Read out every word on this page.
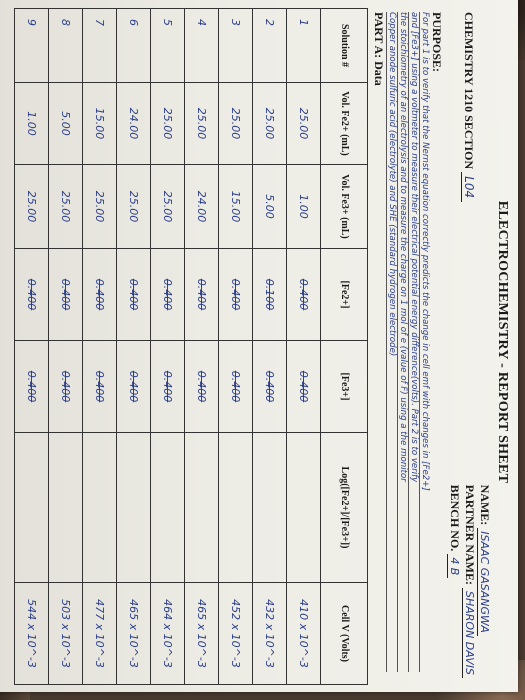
ELECTROCHEMISTRY - REPORT SHEET
CHEMISTRY 1210 SECTION L04
NAME: ISAAC GASANGWA
PARTNER NAME: SHARON DAVIS
BENCH NO. 4 B
PURPOSE:
For part 1 is to verify that the Nernst equation correctly predicts the change in cell emf with changes in [Fe2+]
and [Fe3+] using a voltmeter to measure their electrical potential energy difference(volts). Part 2 is to verify
the stoichiometry of an electrolysis and to measure the charge on 1 mol of e (value of F) using a the monitor
Copper anode sulfuric acid (electrolyte) and SHE (standard hydrogen electrode)
PART A: Data
Solution #	Vol. Fe2+ (mL)	Vol. Fe3+ (mL)	[Fe2+]	[Fe3+]	Log([Fe2+]/[Fe3+])	Cell V (Volts)
1	25.00	1.00	0.400	0.400		410 x 10^-3
2	25.00	5.00	0.100	0.400		432 x 10^-3
3	25.00	15.00	0.400	0.400		452 x 10^-3
4	25.00	24.00	0.400	0.400		465 x 10^-3
5	25.00	25.00	0.400	0.400		464 x 10^-3
6	24.00	25.00	0.400	0.400		465 x 10^-3
7	15.00	25.00	0.400	0.400		477 x 10^-3
8	5.00	25.00	0.400	0.400		503 x 10^-3
9	1.00	25.00	0.400	0.400		544 x 10^-3
